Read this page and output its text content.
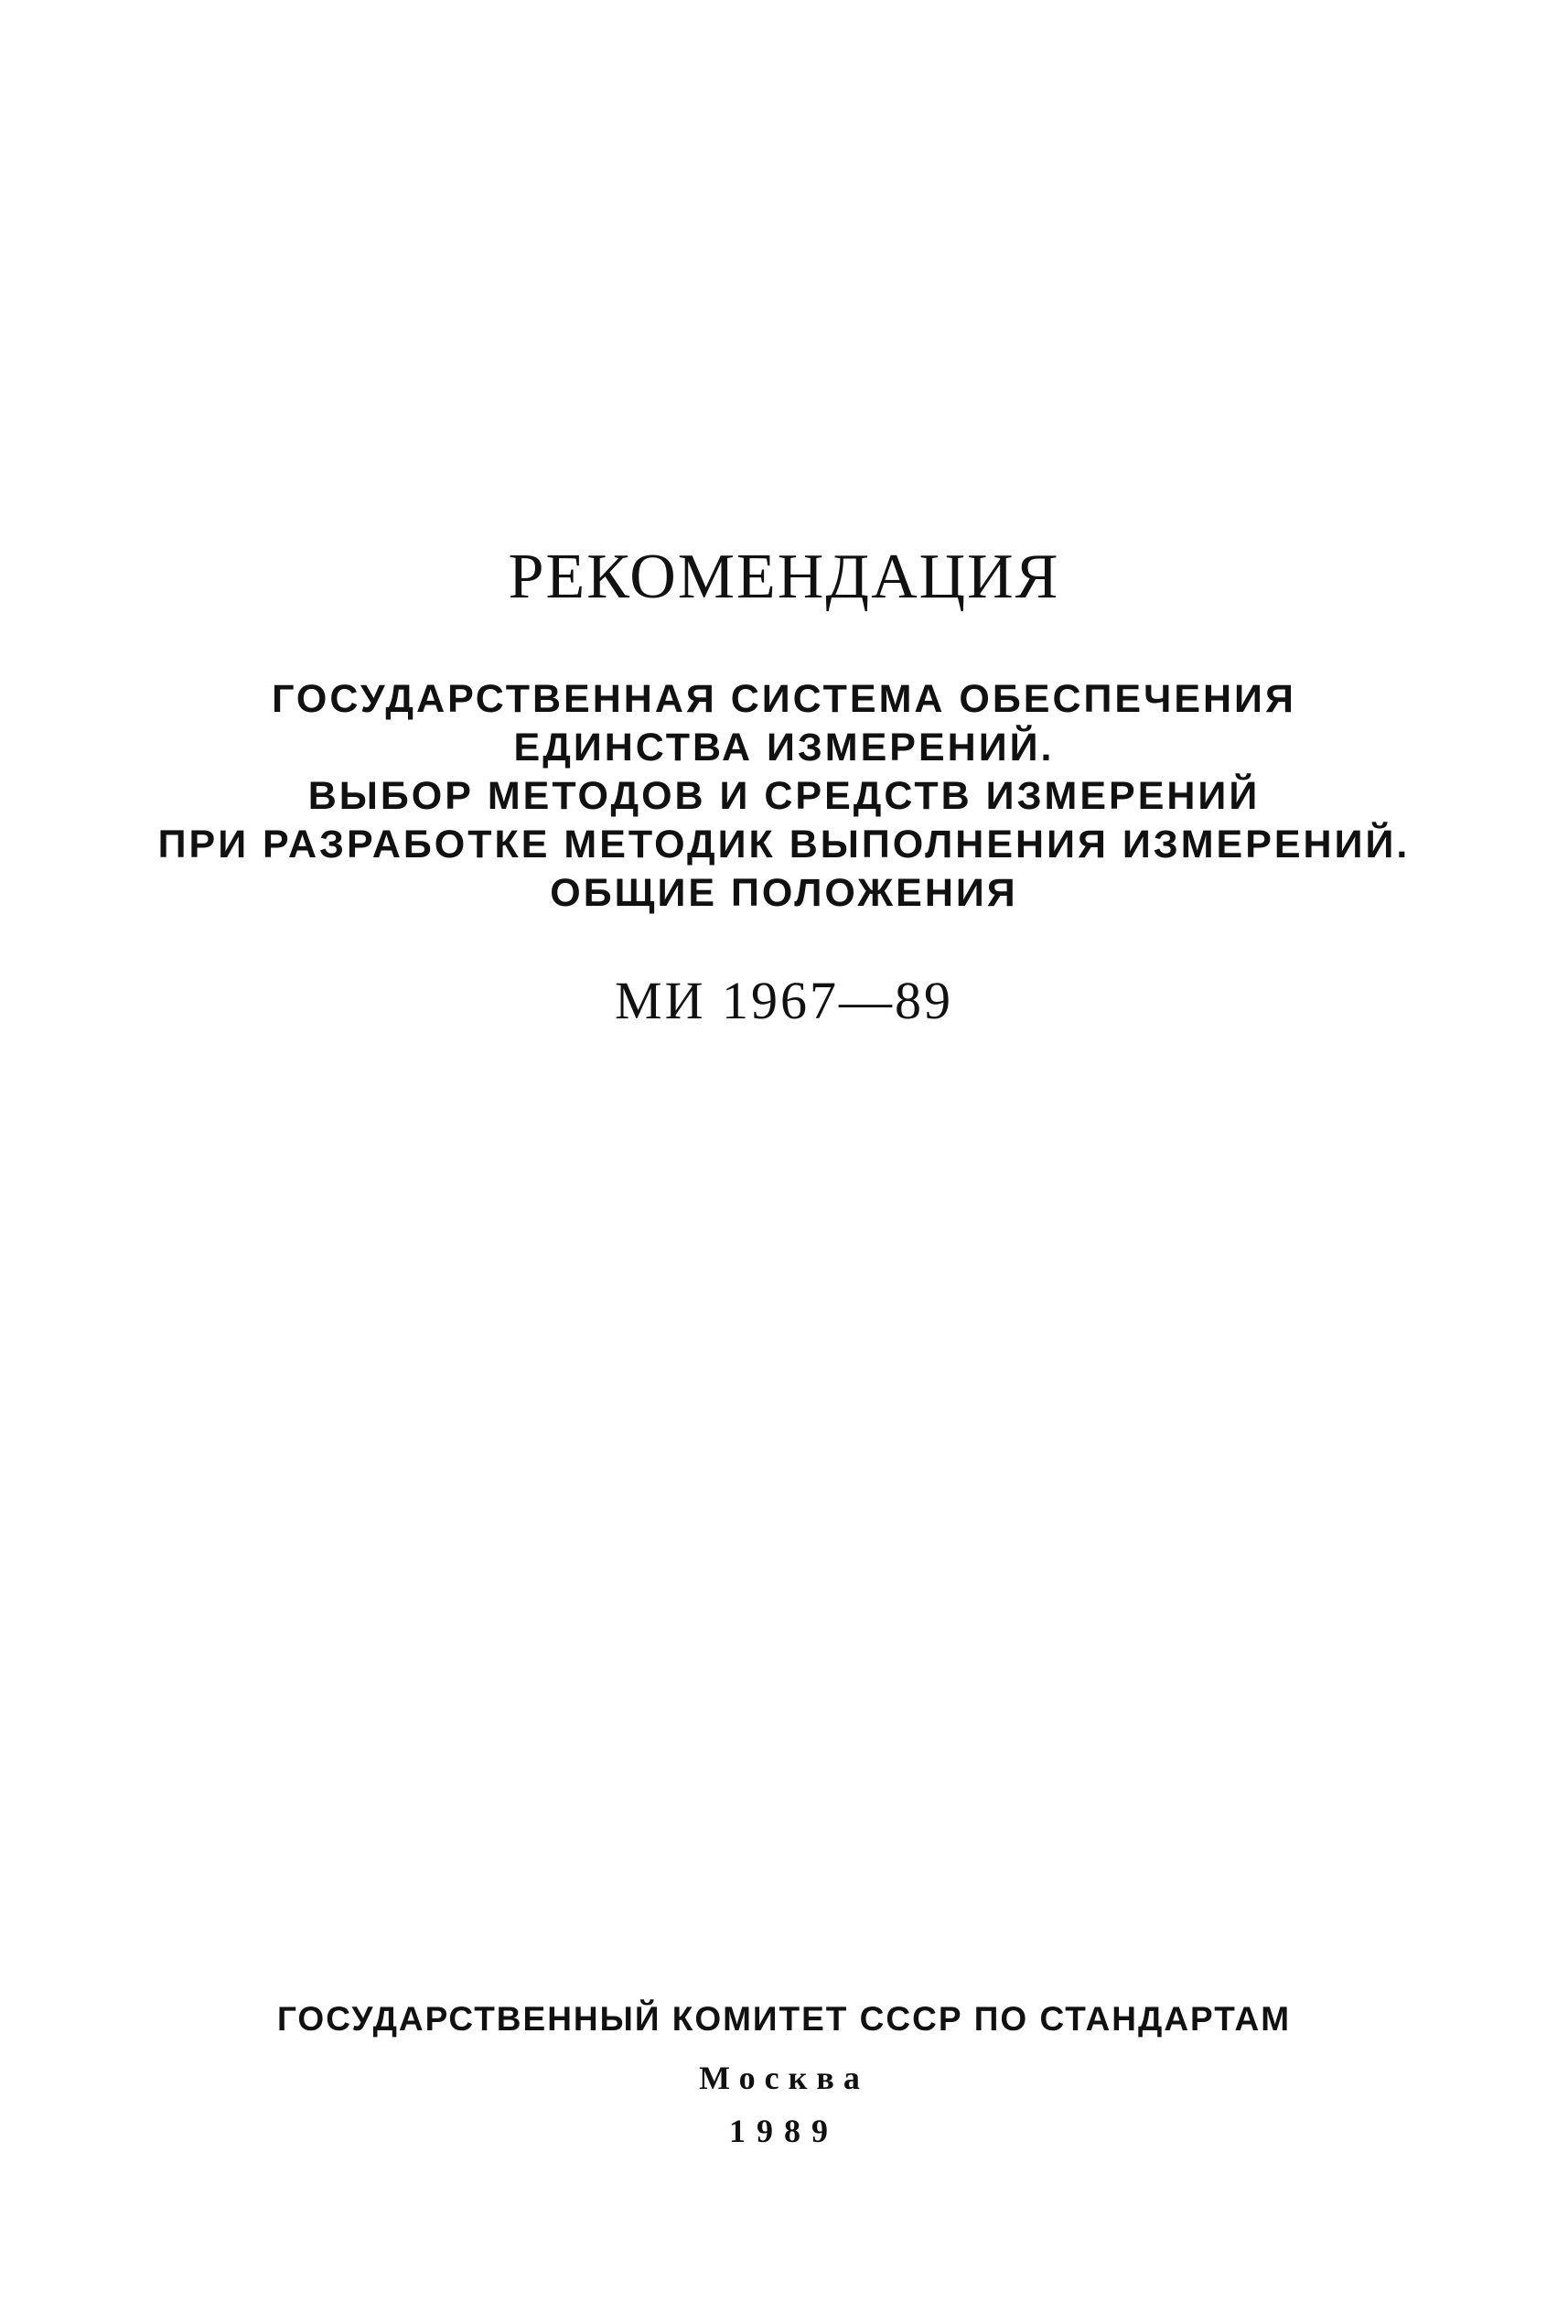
РЕКОМЕНДАЦИЯ
ГОСУДАРСТВЕННАЯ СИСТЕМА ОБЕСПЕЧЕНИЯ
ЕДИНСТВА ИЗМЕРЕНИЙ.
ВЫБОР МЕТОДОВ И СРЕДСТВ ИЗМЕРЕНИЙ
ПРИ РАЗРАБОТКЕ МЕТОДИК ВЫПОЛНЕНИЯ ИЗМЕРЕНИЙ.
ОБЩИЕ ПОЛОЖЕНИЯ
МИ 1967—89
ГОСУДАРСТВЕННЫЙ КОМИТЕТ СССР ПО СТАНДАРТАМ
Москва
1989
